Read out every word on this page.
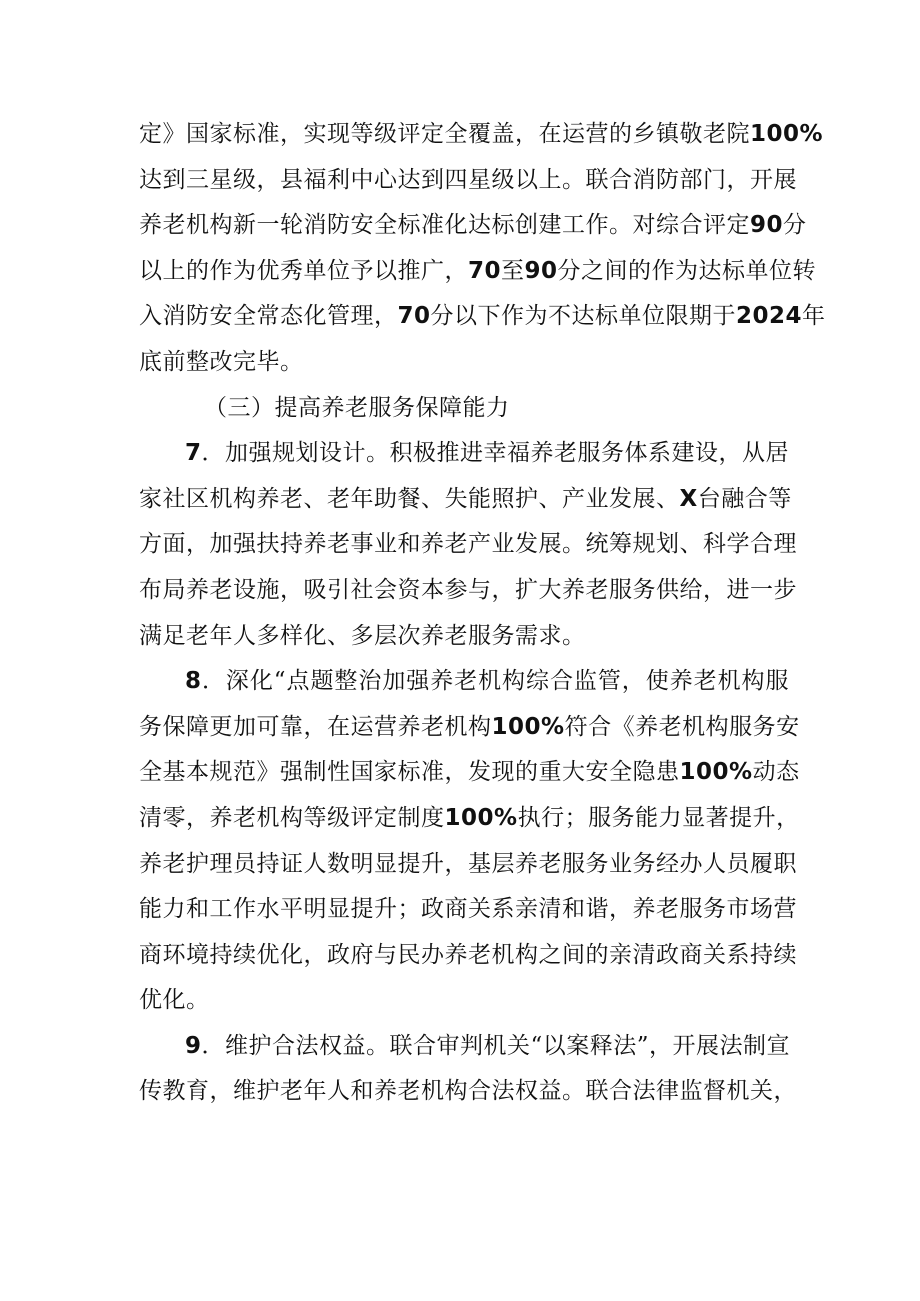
定》国家标准，实现等级评定全覆盖，在运营的乡镇敬老院100%
达到三星级，县福利中心达到四星级以上。联合消防部门，开展
养老机构新一轮消防安全标准化达标创建工作。对综合评定90分
以上的作为优秀单位予以推广，70至90分之间的作为达标单位转
入消防安全常态化管理，70分以下作为不达标单位限期于2024年
底前整改完毕。
（三）提高养老服务保障能力
7．加强规划设计。积极推进幸福养老服务体系建设，从居
家社区机构养老、老年助餐、失能照护、产业发展、X台融合等
方面，加强扶持养老事业和养老产业发展。统筹规划、科学合理
布局养老设施，吸引社会资本参与，扩大养老服务供给，进一步
满足老年人多样化、多层次养老服务需求。
8．深化“点题整治加强养老机构综合监管，使养老机构服
务保障更加可靠，在运营养老机构100%符合《养老机构服务安
全基本规范》强制性国家标准，发现的重大安全隐患100%动态
清零，养老机构等级评定制度100%执行；服务能力显著提升，
养老护理员持证人数明显提升，基层养老服务业务经办人员履职
能力和工作水平明显提升；政商关系亲清和谐，养老服务市场营
商环境持续优化，政府与民办养老机构之间的亲清政商关系持续
优化。
9．维护合法权益。联合审判机关“以案释法”，开展法制宣
传教育，维护老年人和养老机构合法权益。联合法律监督机关，
